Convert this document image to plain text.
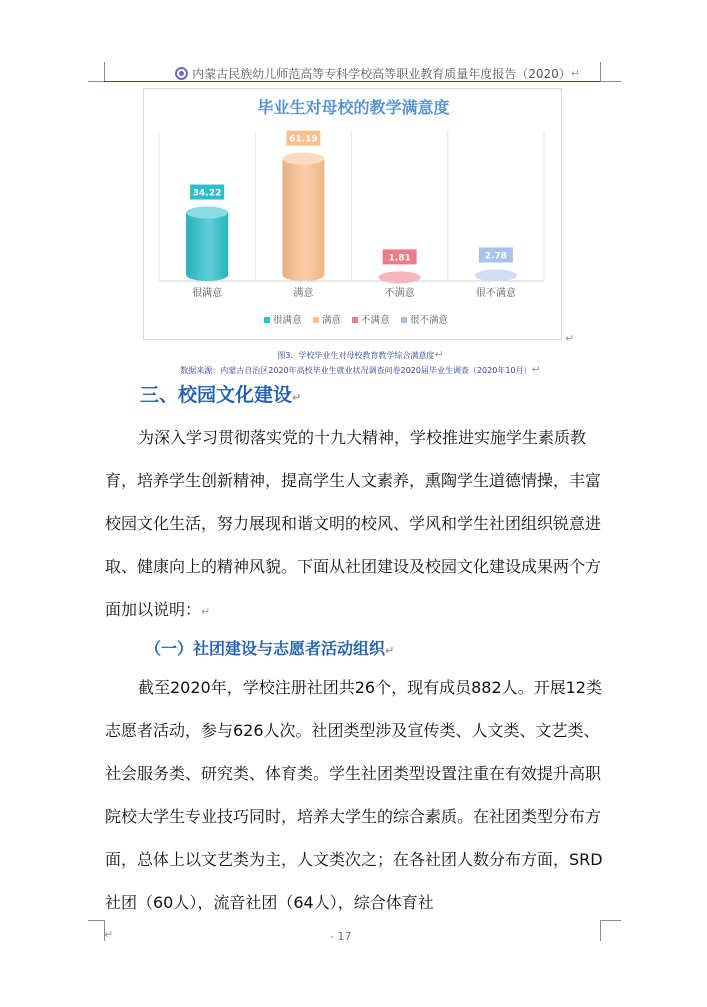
内蒙古民族幼儿师范高等专科学校高等职业教育质量年度报告（2020） ↵
毕业生对母校的教学满意度
34.22
很满意
61.19
满意
1.81
不满意
2.78
很不满意
很满意 满意 不满意 很不满意
↵
图3．学校毕业生对母校教育教学综合满意度↵
数据来源：内蒙古自治区2020年高校毕业生就业状况调查问卷2020届毕业生调查（2020年10月）↵
三、校园文化建设↵

为深入学习贯彻落实党的十九大精神，学校推进实施学生素质教育，培养学生创新精神，提高学生人文素养，熏陶学生道德情操，丰富校园文化生活，努力展现和谐文明的校风、学风和学生社团组织锐意进取、健康向上的精神风貌。下面从社团建设及校园文化建设成果两个方面加以说明：↵

（一）社团建设与志愿者活动组织↵

截至2020年，学校注册社团共26个，现有成员882人。开展12类志愿者活动，参与626人次。社团类型涉及宣传类、人文类、文艺类、社会服务类、研究类、体育类。学生社团类型设置注重在有效提升高职院校大学生专业技巧同时，培养大学生的综合素质。在社团类型分布方面，总体上以文艺类为主，人文类次之；在各社团人数分布方面，SRD社团（60人），流音社团（64人），综合体育社

↵	- 17
